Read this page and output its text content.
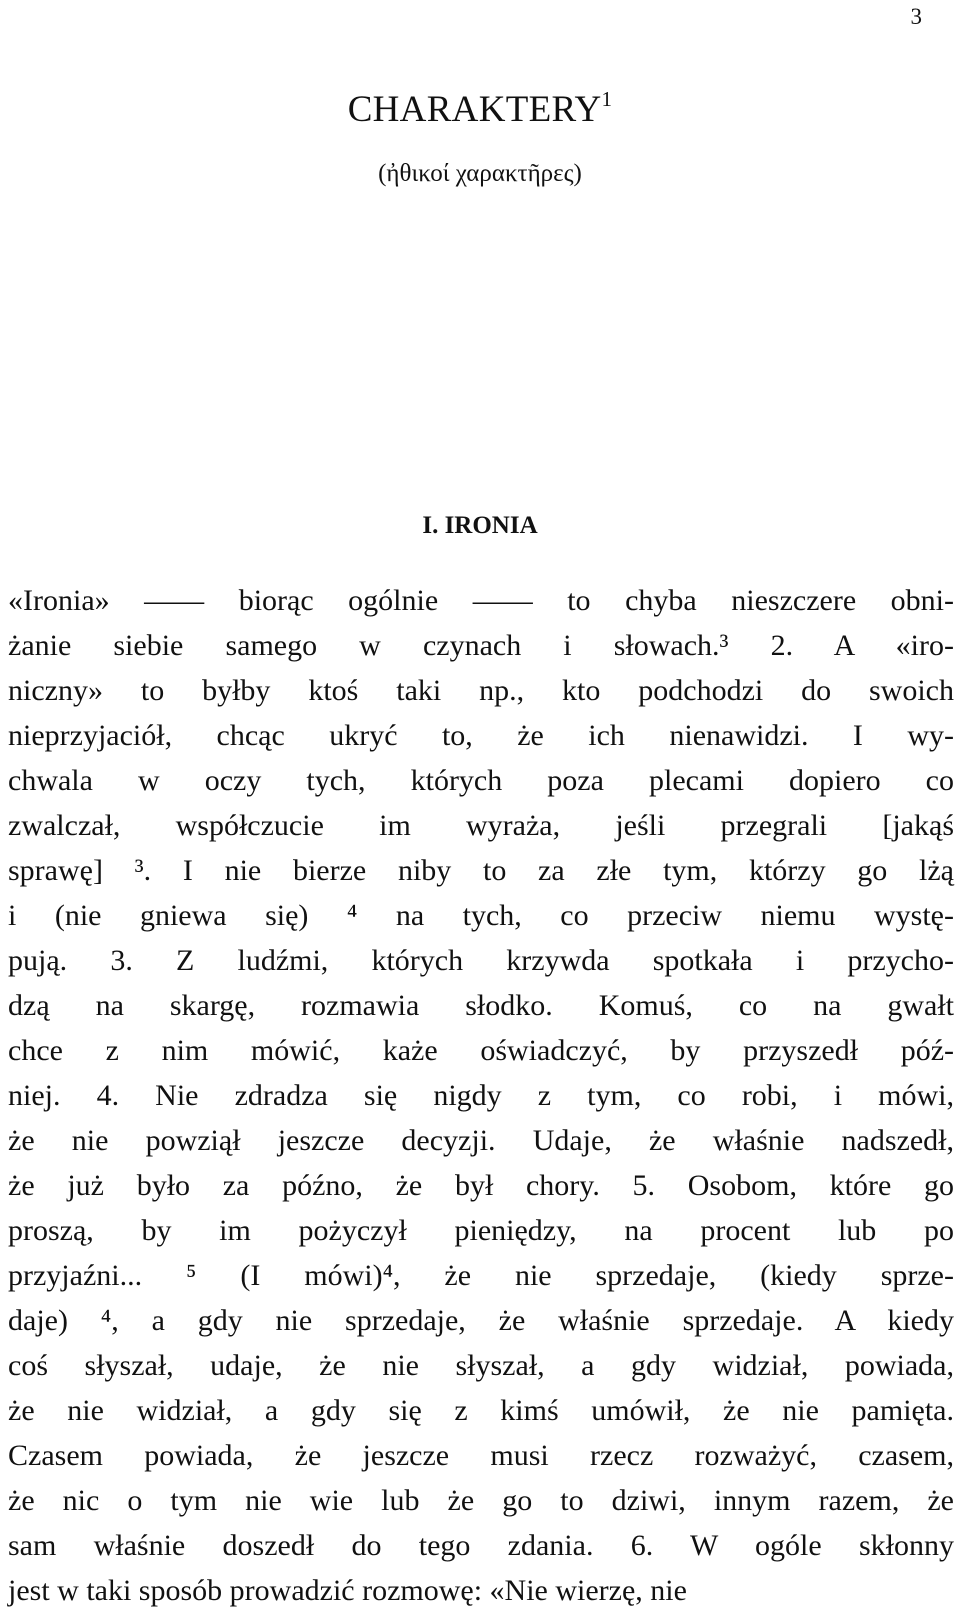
3
CHARAKTERY$^1$
(ἠθικοί χαρακτῆρες)
I. IRONIA
«Ironia» —— biorąc ogólnie —— to chyba nieszczere obni-
żanie siebie samego w czynach i słowach.³ 2. A «iro-
niczny» to byłby ktoś taki np., kto podchodzi do swoich
nieprzyjaciół, chcąc ukryć to, że ich nienawidzi. I wy-
chwala w oczy tych, których poza plecami dopiero co
zwalczał, współczucie im wyraża, jeśli przegrali [jakąś
sprawę] ³. I nie bierze niby to za złe tym, którzy go lżą
i (nie gniewa się) ⁴ na tych, co przeciw niemu wystę-
pują. 3. Z ludźmi, których krzywda spotkała i przycho-
dzą na skargę, rozmawia słodko. Komuś, co na gwałt
chce z nim mówić, każe oświadczyć, by przyszedł póź-
niej. 4. Nie zdradza się nigdy z tym, co robi, i mówi,
że nie powziął jeszcze decyzji. Udaje, że właśnie nadszedł,
że już było za późno, że był chory. 5. Osobom, które go
proszą, by im pożyczył pieniędzy, na procent lub po
przyjaźni... ⁵ (I mówi)⁴, że nie sprzedaje, (kiedy sprze-
daje) ⁴, a gdy nie sprzedaje, że właśnie sprzedaje. A kiedy
coś słyszał, udaje, że nie słyszał, a gdy widział, powiada,
że nie widział, a gdy się z kimś umówił, że nie pamięta.
Czasem powiada, że jeszcze musi rzecz rozważyć, czasem,
że nic o tym nie wie lub że go to dziwi, innym razem, że
sam właśnie doszedł do tego zdania. 6. W ogóle skłonny
jest w taki sposób prowadzić rozmowę: «Nie wierzę, nie
